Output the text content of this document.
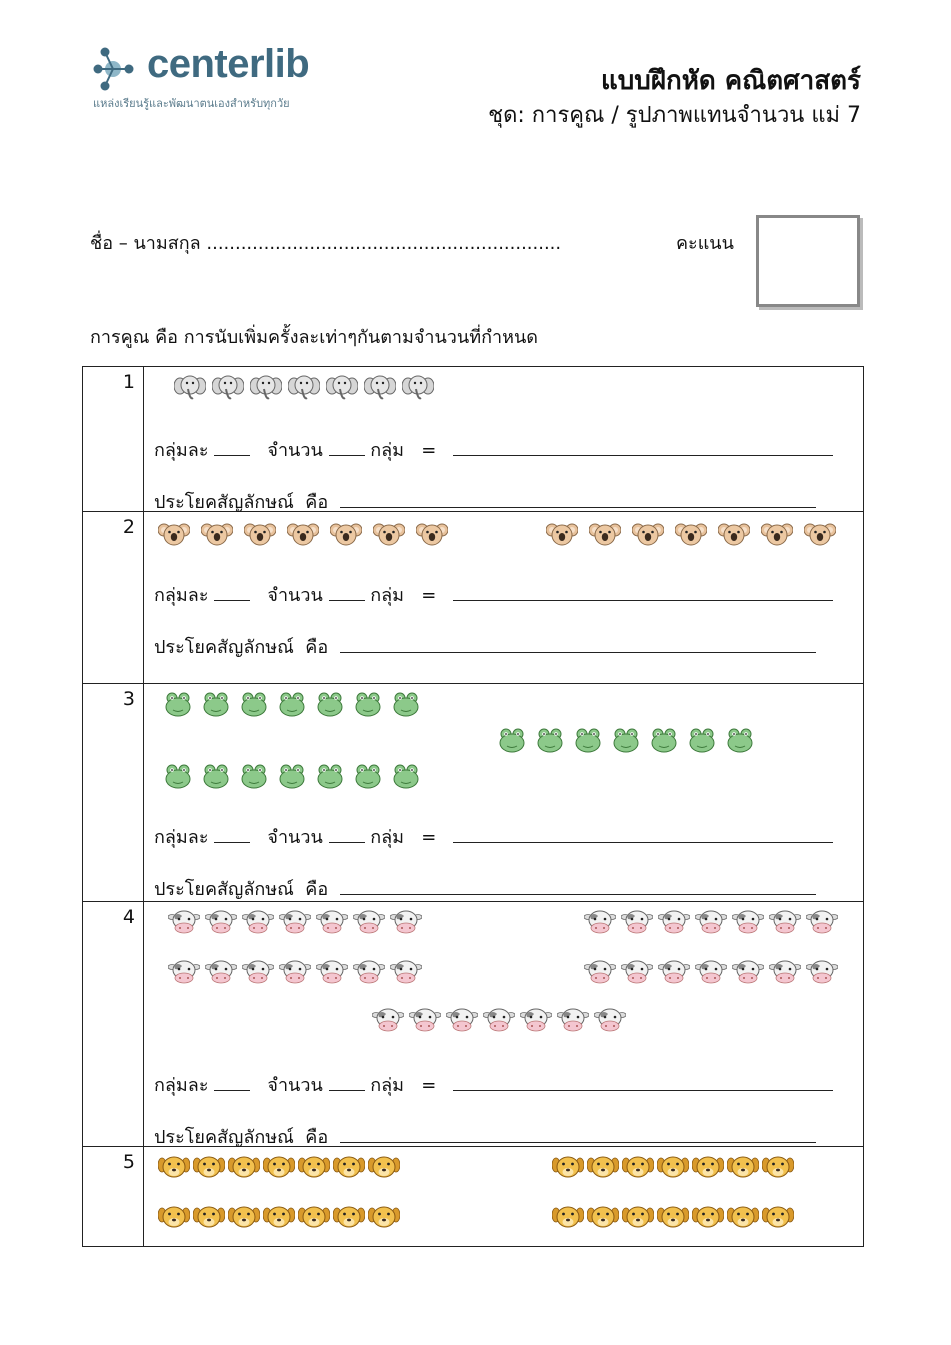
centerlib
แหล่งเรียนรู้และพัฒนาตนเองสำหรับทุกวัย
แบบฝึกหัด คณิตศาสตร์
ชุด: การคูณ / รูปภาพแทนจำนวน แม่ 7
ชื่อ – นามสกุล ..............................................................	คะแนน
การคูณ คือ การนับเพิ่มครั้งละเท่าๆกันตามจำนวนที่กำหนด
1	กลุ่มละ จำนวน กลุ่ม =
ประโยคสัญลักษณ์ คือ

2	กลุ่มละ จำนวน กลุ่ม =
ประโยคสัญลักษณ์ คือ

3	กลุ่มละ จำนวน กลุ่ม =
ประโยคสัญลักษณ์ คือ

4	กลุ่มละ จำนวน กลุ่ม =
ประโยคสัญลักษณ์ คือ

5
